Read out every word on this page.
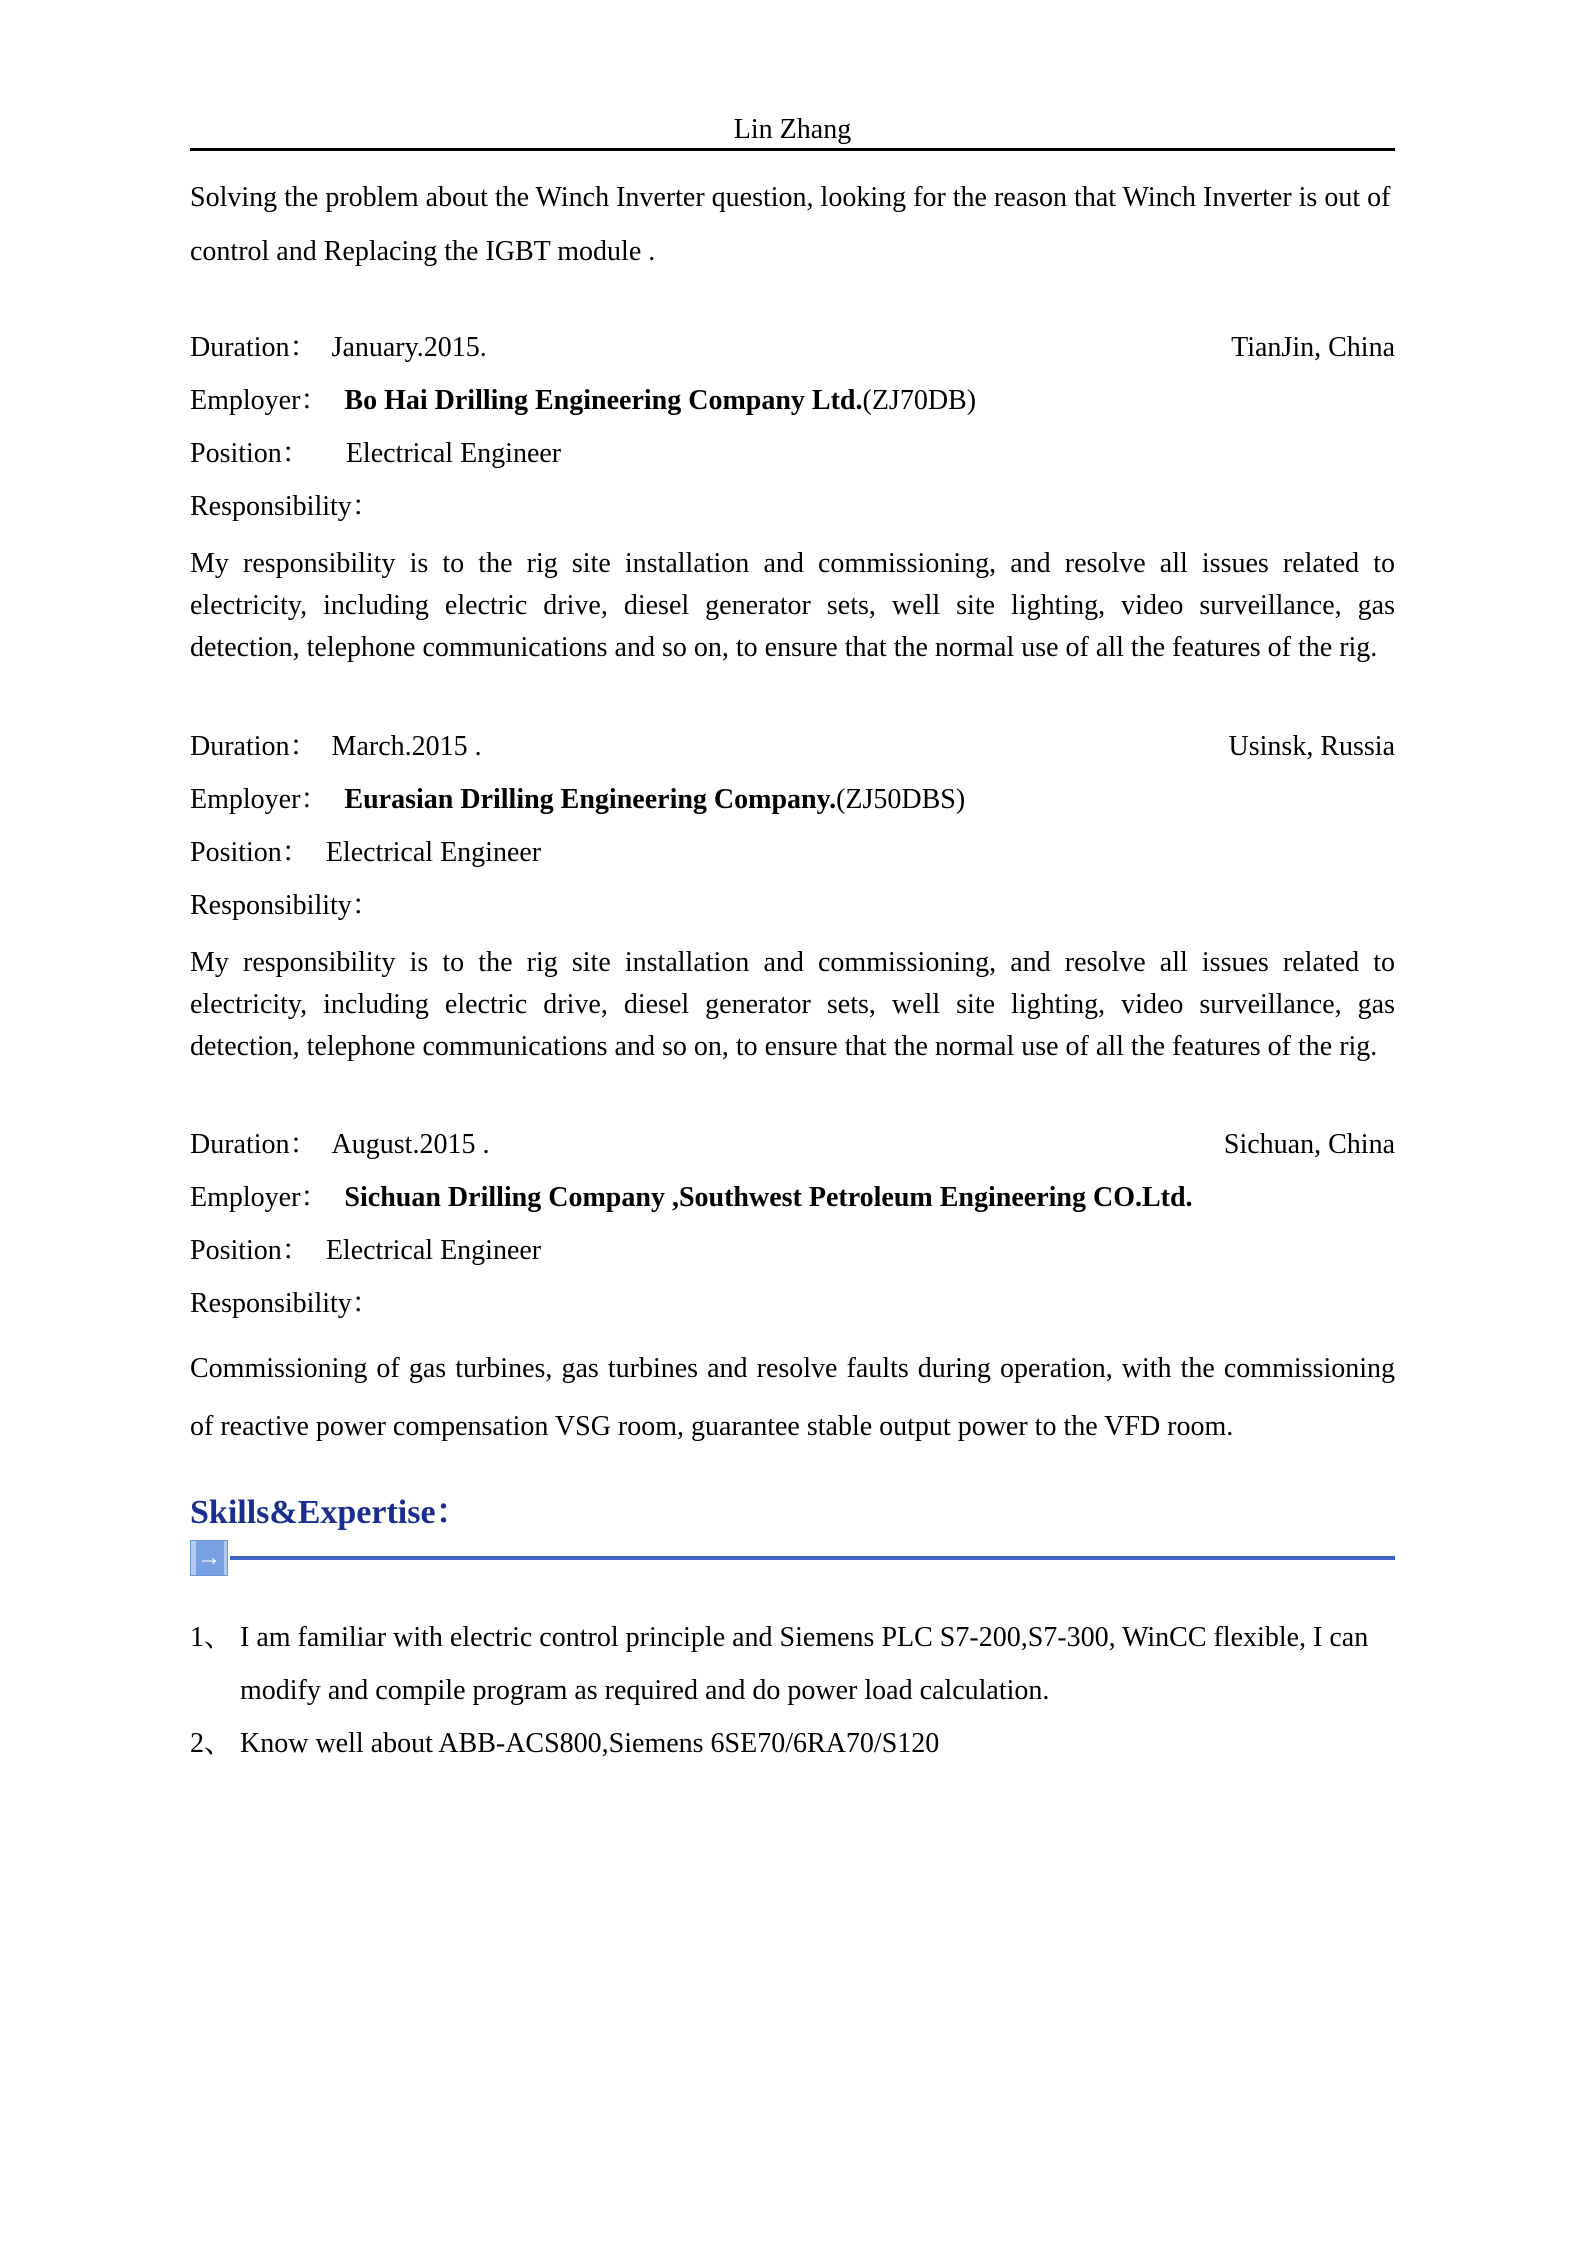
Lin Zhang

Solving the problem about the Winch Inverter question, looking for the reason that Winch Inverter is out of control and Replacing the IGBT module .

Duration： January.2015.	TianJin, China
Employer： Bo Hai Drilling Engineering Company Ltd. (ZJ70DB)
Position： Electrical Engineer
Responsibility：

My responsibility is to the rig site installation and commissioning, and resolve all issues related to electricity, including electric drive, diesel generator sets, well site lighting, video surveillance, gas detection, telephone communications and so on, to ensure that the normal use of all the features of the rig.

Duration： March.2015 .	Usinsk, Russia
Employer： Eurasian Drilling Engineering Company. (ZJ50DBS)
Position： Electrical Engineer
Responsibility：

My responsibility is to the rig site installation and commissioning, and resolve all issues related to electricity, including electric drive, diesel generator sets, well site lighting, video surveillance, gas detection, telephone communications and so on, to ensure that the normal use of all the features of the rig.

Duration： August.2015 .	Sichuan, China
Employer： Sichuan Drilling Company ,Southwest Petroleum Engineering CO.Ltd.
Position： Electrical Engineer
Responsibility：

Commissioning of gas turbines, gas turbines and resolve faults during operation, with the commissioning of reactive power compensation VSG room, guarantee stable output power to the VFD room.

Skills&Expertise：
→
1、 I am familiar with electric control principle and Siemens PLC S7-200,S7-300, WinCC flexible, I can modify and compile program as required and do power load calculation.
2、 Know well about ABB-ACS800,Siemens 6SE70/6RA70/S120
